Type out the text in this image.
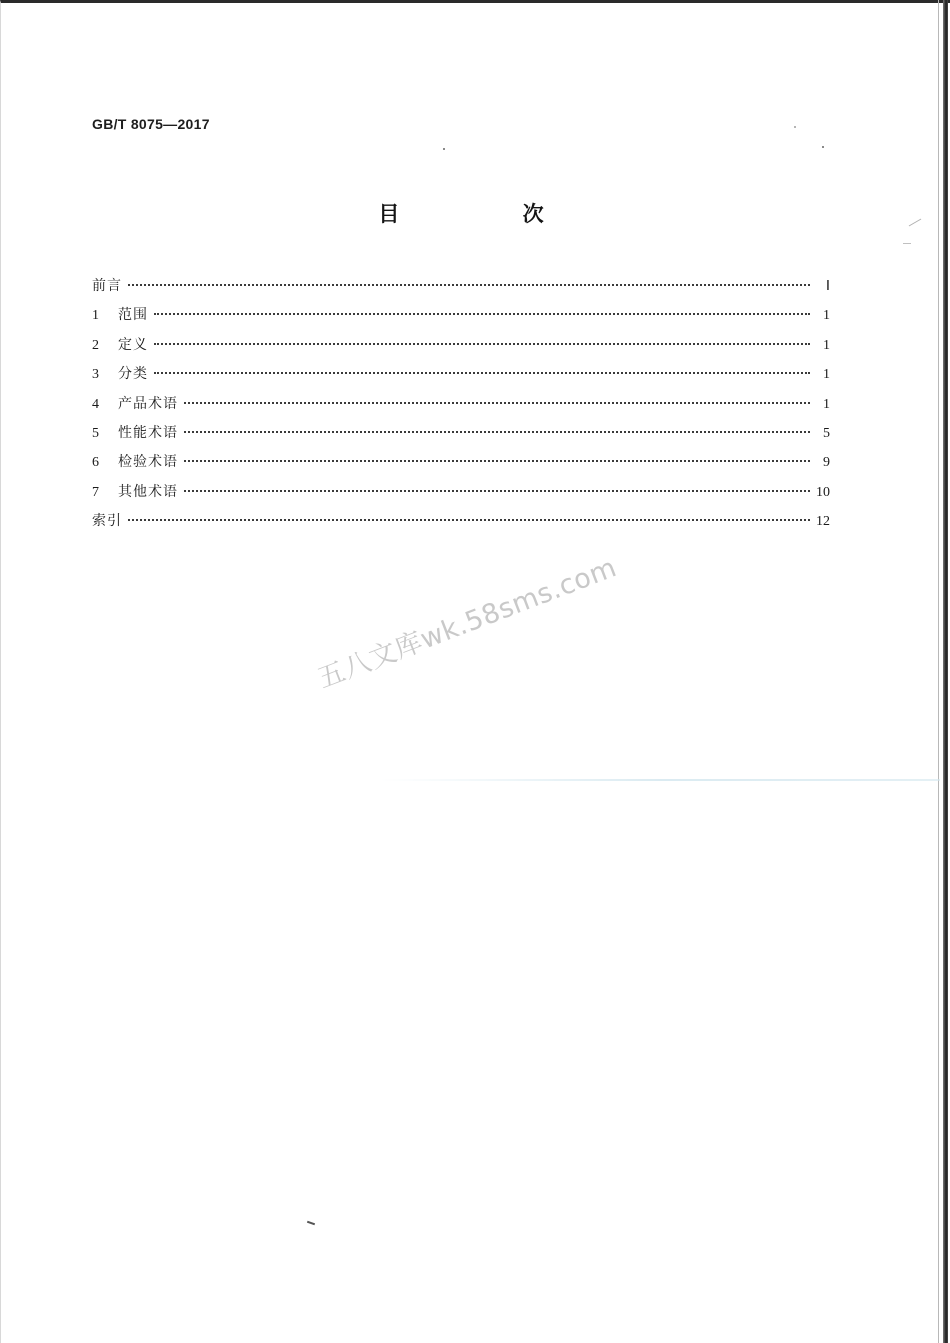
GB/T 8075—2017
目 次
前言	Ⅰ
1	范围	1
2	定义	1
3	分类	1
4	产品术语	1
5	性能术语	5
6	检验术语	9
7	其他术语	10
索引	12
五八文库wk.58sms.com
